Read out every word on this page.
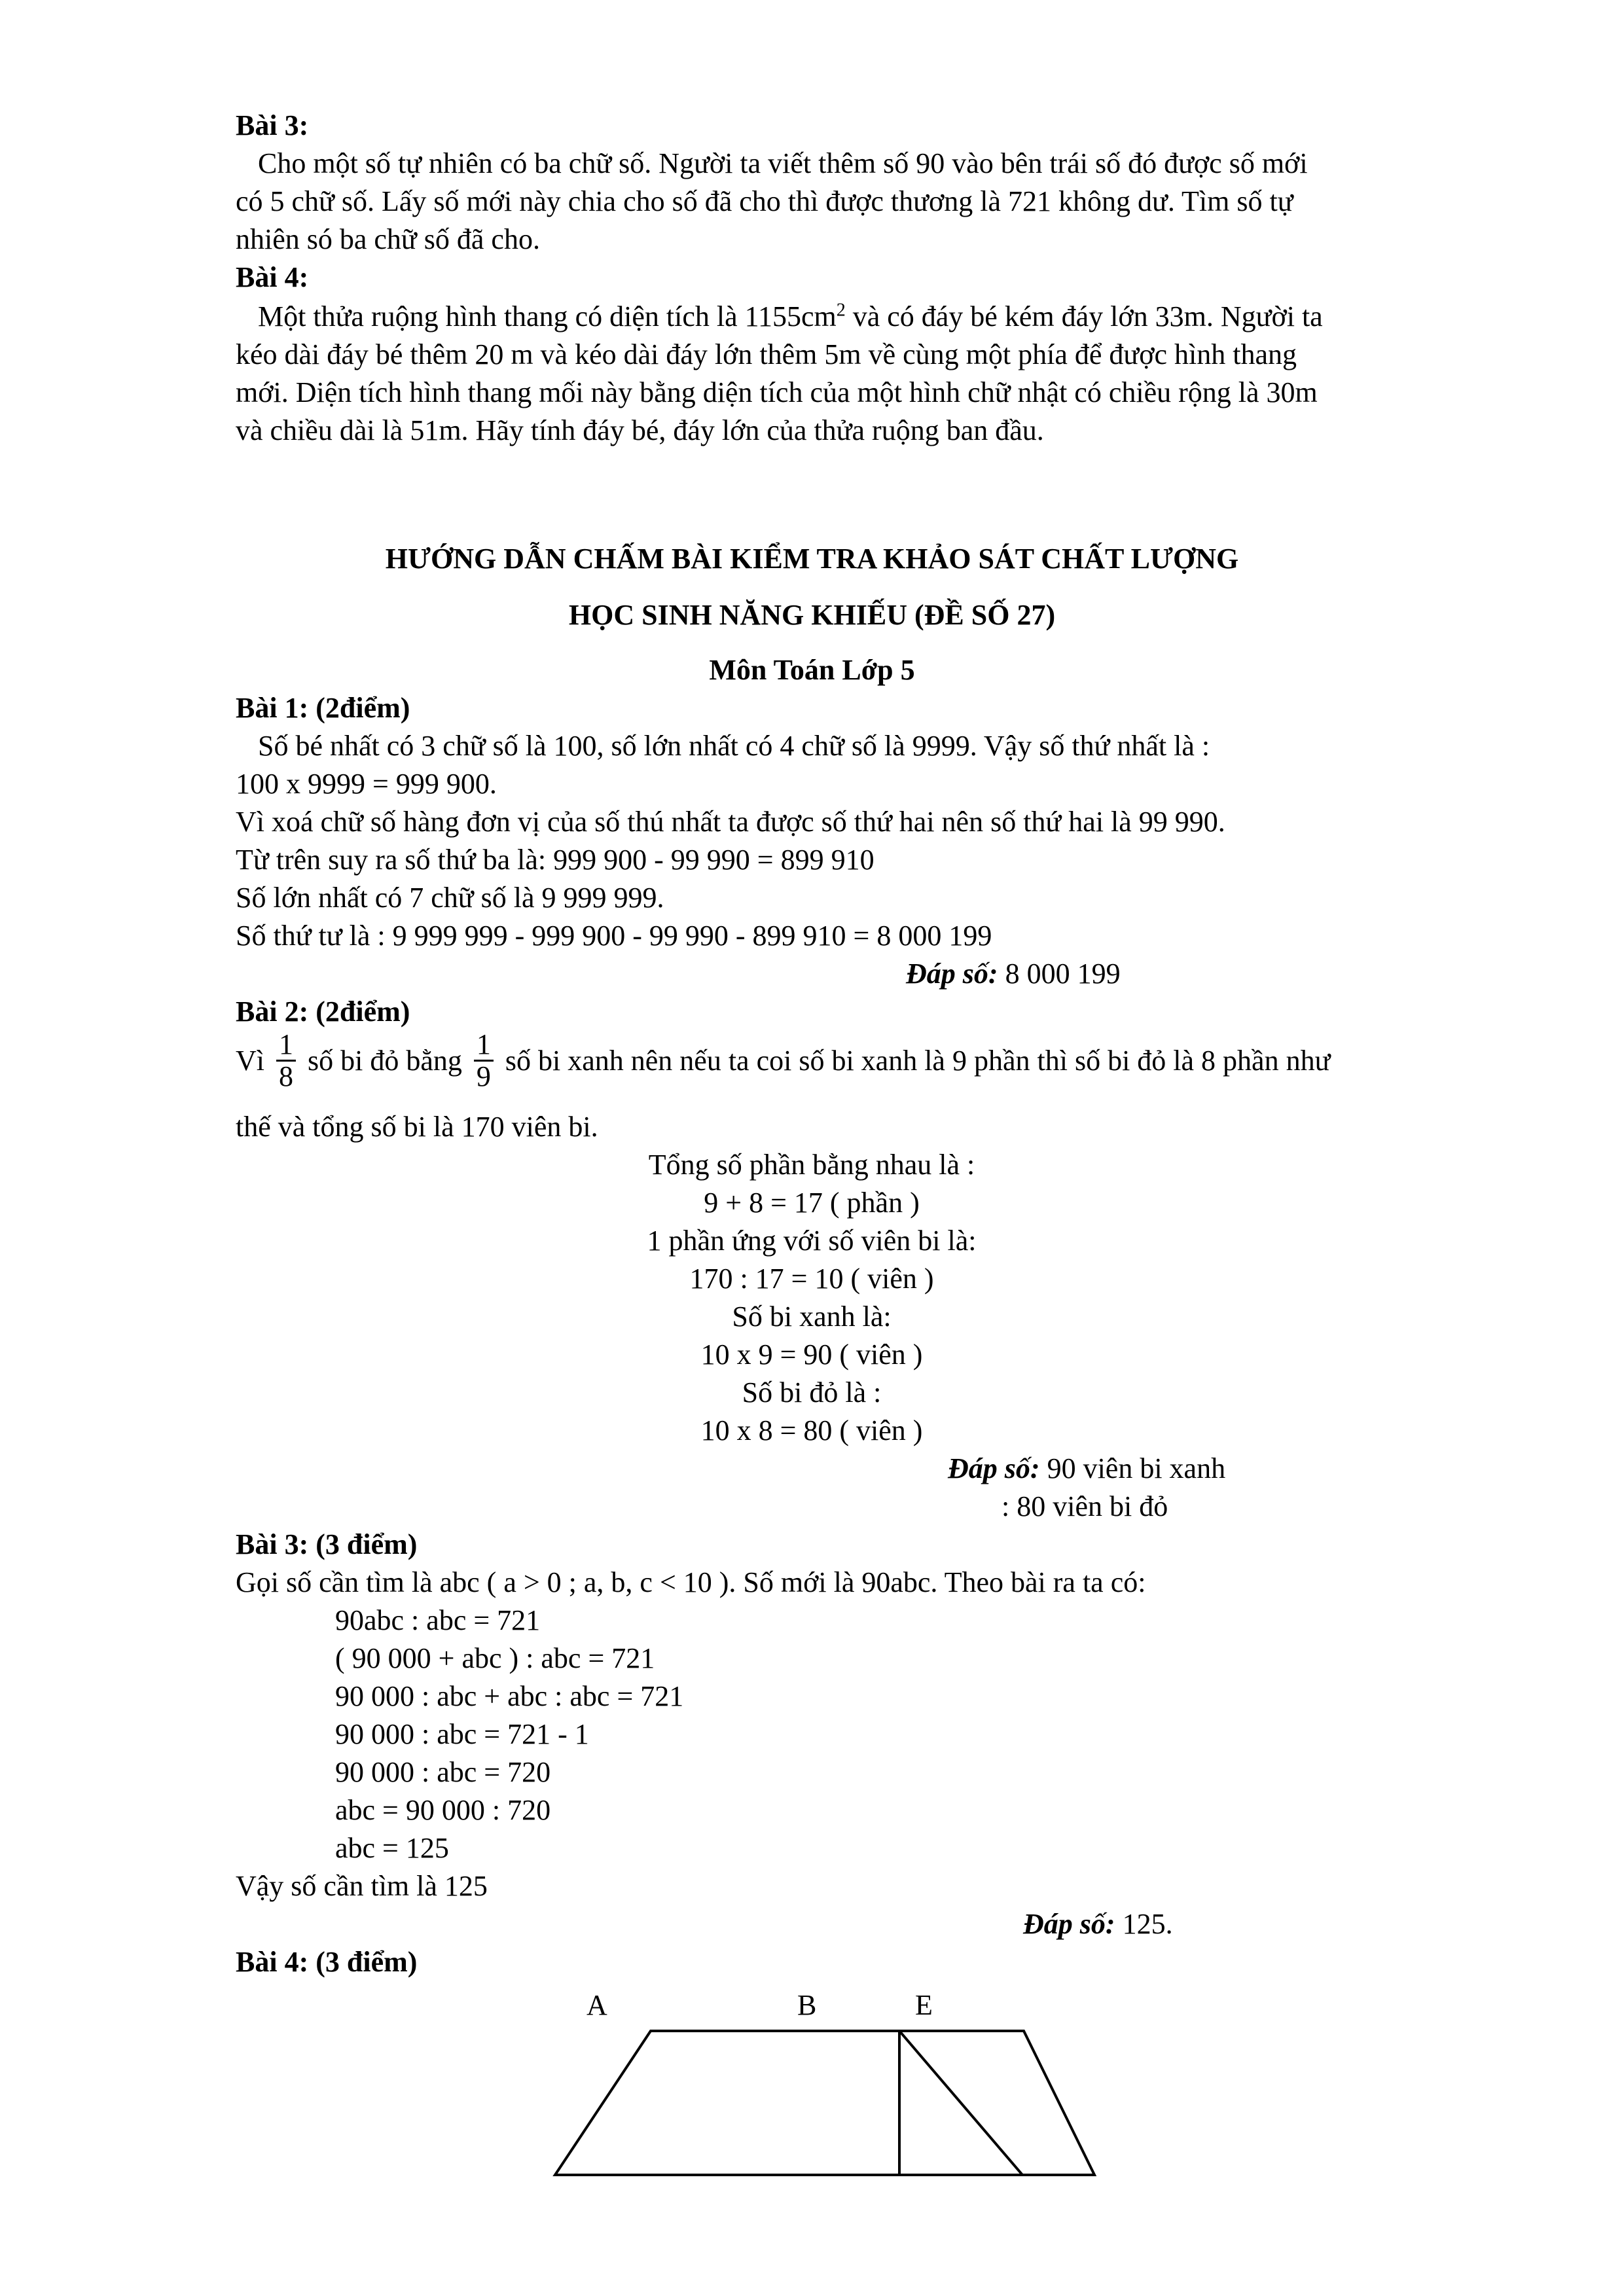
Bài 3:
Cho một số tự nhiên có ba chữ số. Người ta viết thêm số 90 vào bên trái số đó được số mới
có 5 chữ số. Lấy số mới này chia cho số đã cho thì được thương là 721 không dư. Tìm số tự
nhiên só ba chữ số đã cho.
Bài 4:
Một thửa ruộng hình thang có diện tích là $1155cm^2$ và có đáy bé kém đáy lớn 33m. Người ta
kéo dài đáy bé thêm 20 m và kéo dài đáy lớn thêm 5m về cùng một phía để được hình thang
mới. Diện tích hình thang mối này bằng diện tích của một hình chữ nhật có chiều rộng là 30m
và chiều dài là 51m. Hãy tính đáy bé, đáy lớn của thửa ruộng ban đầu.
HƯỚNG DẪN CHẤM BÀI KIỂM TRA KHẢO SÁT CHẤT LƯỢNG
HỌC SINH NĂNG KHIẾU (ĐỀ SỐ 27)
Môn Toán Lớp 5
Bài 1: (2điểm)
Số bé nhất có 3 chữ số là 100, số lớn nhất có 4 chữ số là 9999. Vậy số thứ nhất là :
100 x 9999 = 999 900.
Vì xoá chữ số hàng đơn vị của số thú nhất ta được số thứ hai nên số thứ hai là 99 990.
Từ trên suy ra số thứ ba là: 999 900 - 99 990 = 899 910
Số lớn nhất có 7 chữ số là 9 999 999.
Số thứ tư là : 9 999 999 - 999 900 - 99 990 - 899 910 = 8 000 199
Đáp số: 8 000 199
Bài 2: (2điểm)
Vì $\frac{1}{8}$ số bi đỏ bằng $\frac{1}{9}$ số bi xanh nên nếu ta coi số bi xanh là 9 phần thì số bi đỏ là 8 phần như
thế và tổng số bi là 170 viên bi.
Tổng số phần bằng nhau là :
9 + 8 = 17 ( phần )
1 phần ứng với số viên bi là:
170 : 17 = 10 ( viên )
Số bi xanh là:
10 x 9 = 90 ( viên )
Số bi đỏ là :
10 x 8 = 80 ( viên )
Đáp số: 90 viên bi xanh
: 80 viên bi đỏ
Bài 3: (3 điểm)
Gọi số cần tìm là abc ( a > 0 ; a, b, c < 10 ). Số mới là 90abc. Theo bài ra ta có:
90abc : abc = 721
( 90 000 + abc ) : abc = 721
90 000 : abc + abc : abc = 721
90 000 : abc = 721 - 1
90 000 : abc = 720
abc = 90 000 : 720
abc = 125
Vậy số cần tìm là 125
Đáp số: 125.
Bài 4: (3 điểm)
A	B	E
